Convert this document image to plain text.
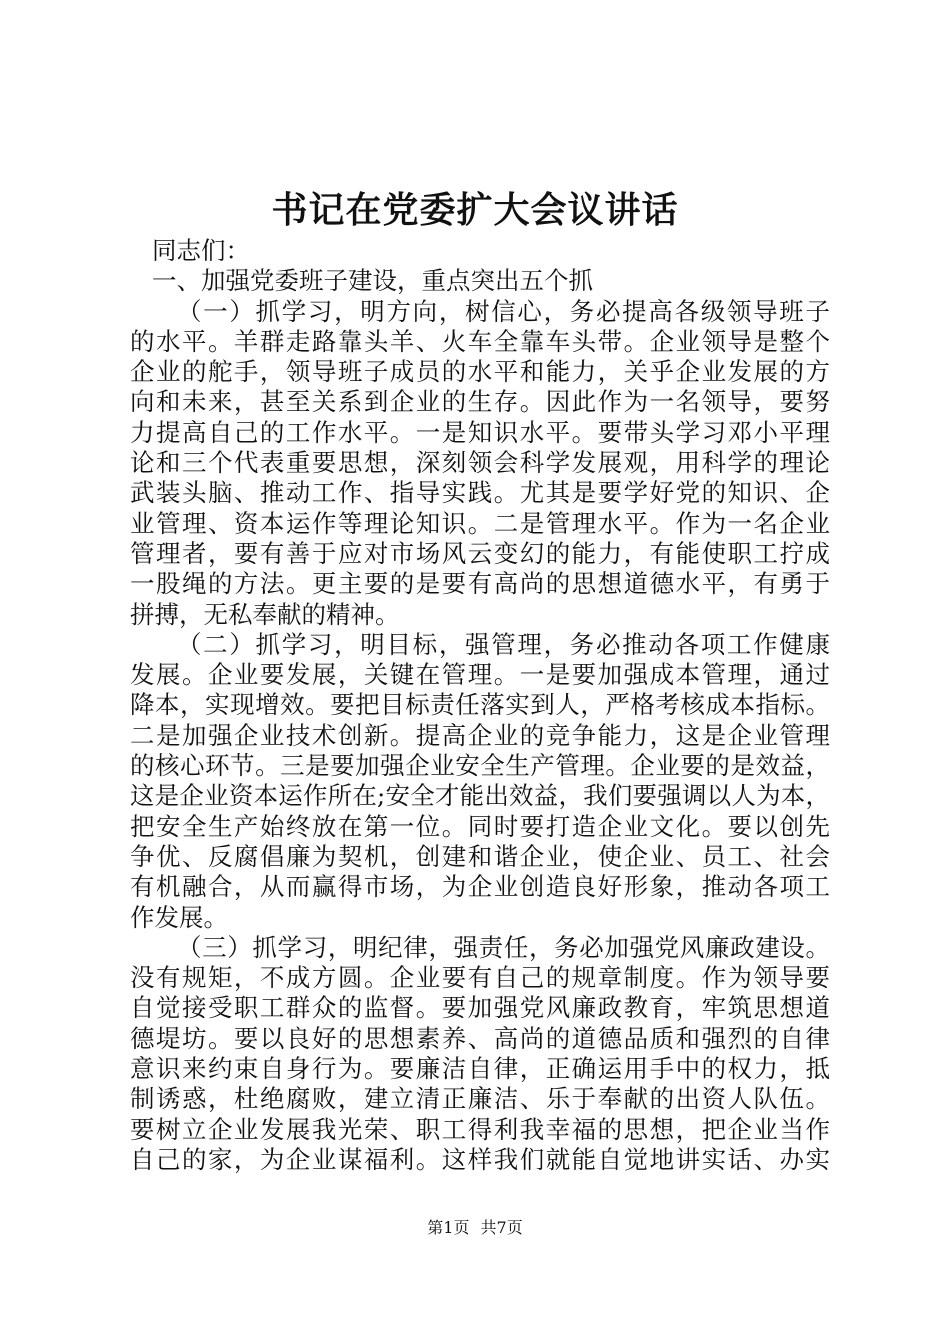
书记在党委扩大会议讲话
同志们：
一、加强党委班子建设，重点突出五个抓
（一）抓学习，明方向，树信心，务必提高各级领导班子
的水平。羊群走路靠头羊、火车全靠车头带。企业领导是整个
企业的舵手，领导班子成员的水平和能力，关乎企业发展的方
向和未来，甚至关系到企业的生存。因此作为一名领导，要努
力提高自己的工作水平。一是知识水平。要带头学习邓小平理
论和三个代表重要思想，深刻领会科学发展观，用科学的理论
武装头脑、推动工作、指导实践。尤其是要学好党的知识、企
业管理、资本运作等理论知识。二是管理水平。作为一名企业
管理者，要有善于应对市场风云变幻的能力，有能使职工拧成
一股绳的方法。更主要的是要有高尚的思想道德水平，有勇于
拼搏，无私奉献的精神。
（二）抓学习，明目标，强管理，务必推动各项工作健康
发展。企业要发展，关键在管理。一是要加强成本管理，通过
降本，实现增效。要把目标责任落实到人，严格考核成本指标。
二是加强企业技术创新。提高企业的竞争能力，这是企业管理
的核心环节。三是要加强企业安全生产管理。企业要的是效益，
这是企业资本运作所在;安全才能出效益，我们要强调以人为本，
把安全生产始终放在第一位。同时要打造企业文化。要以创先
争优、反腐倡廉为契机，创建和谐企业，使企业、员工、社会
有机融合，从而赢得市场，为企业创造良好形象，推动各项工
作发展。
（三）抓学习，明纪律，强责任，务必加强党风廉政建设。
没有规矩，不成方圆。企业要有自己的规章制度。作为领导要
自觉接受职工群众的监督。要加强党风廉政教育，牢筑思想道
德堤坊。要以良好的思想素养、高尚的道德品质和强烈的自律
意识来约束自身行为。要廉洁自律，正确运用手中的权力，抵
制诱惑，杜绝腐败，建立清正廉洁、乐于奉献的出资人队伍。
要树立企业发展我光荣、职工得利我幸福的思想，把企业当作
自己的家，为企业谋福利。这样我们就能自觉地讲实话、办实
第1页 共7页
